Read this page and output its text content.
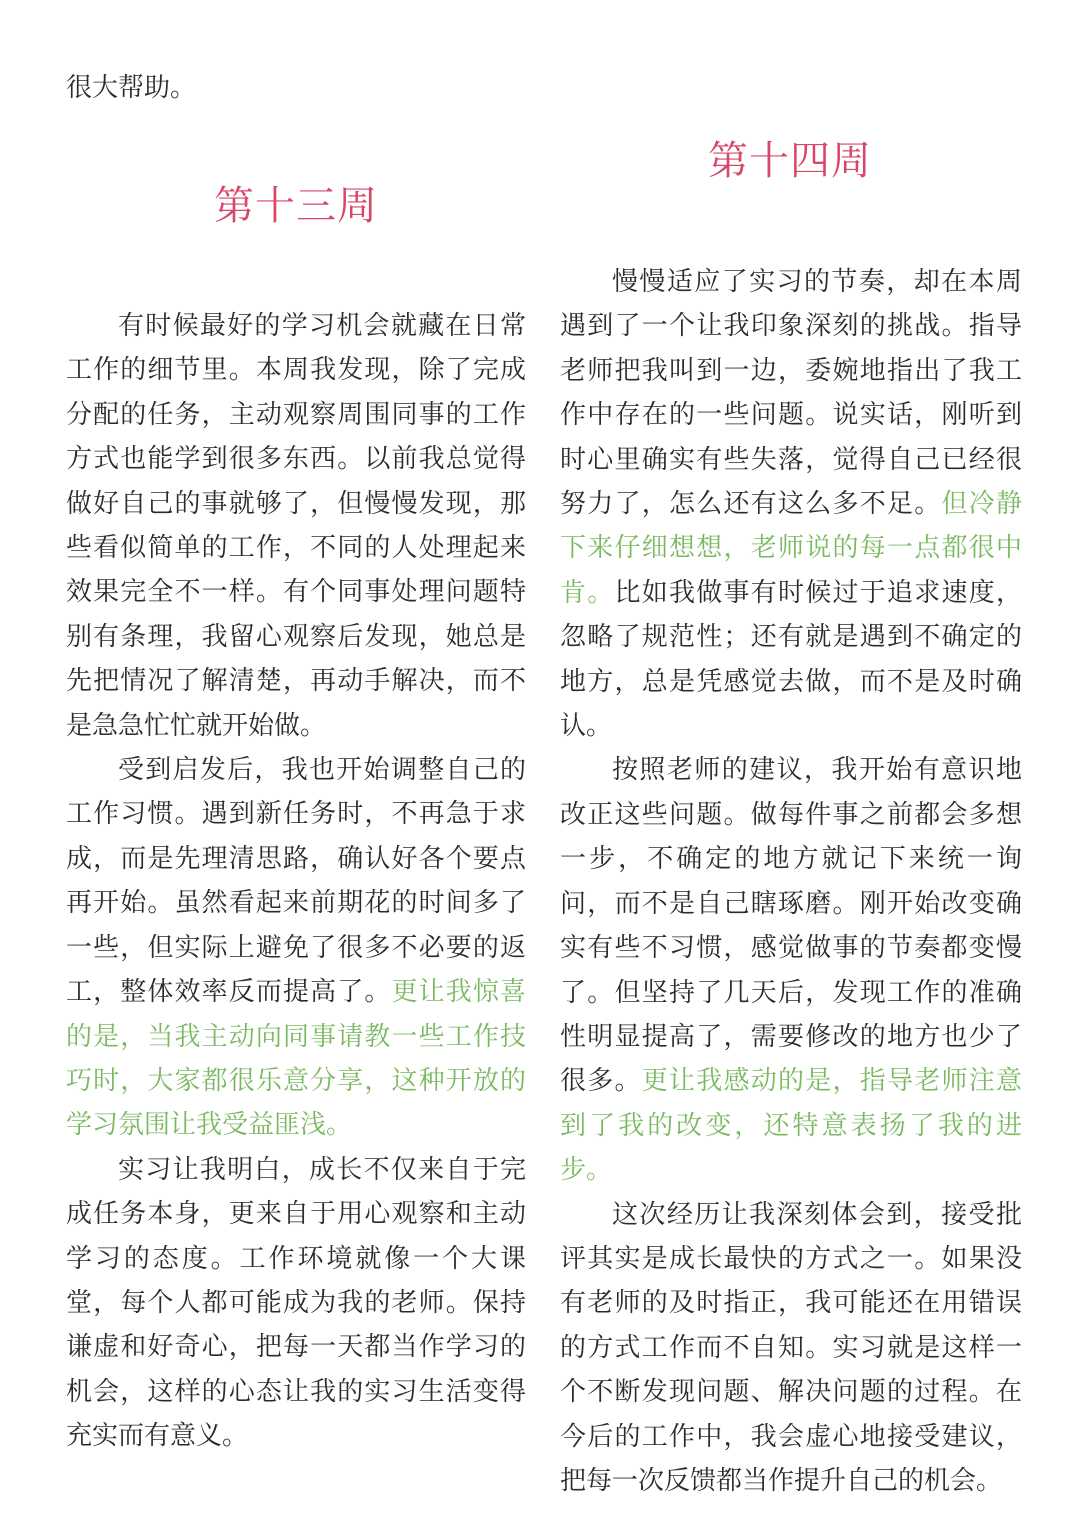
很大帮助。

第十三周
第十四周

有时候最好的学习机会就藏在日常工作的细节里。本周我发现，除了完成分配的任务，主动观察周围同事的工作方式也能学到很多东西。以前我总觉得做好自己的事就够了，但慢慢发现，那些看似简单的工作，不同的人处理起来效果完全不一样。有个同事处理问题特别有条理，我留心观察后发现，她总是先把情况了解清楚，再动手解决，而不是急急忙忙就开始做。

受到启发后，我也开始调整自己的工作习惯。遇到新任务时，不再急于求成，而是先理清思路，确认好各个要点再开始。虽然看起来前期花的时间多了一些，但实际上避免了很多不必要的返工，整体效率反而提高了。更让我惊喜的是，当我主动向同事请教一些工作技巧时，大家都很乐意分享，这种开放的学习氛围让我受益匪浅。

实习让我明白，成长不仅来自于完成任务本身，更来自于用心观察和主动学习的态度。工作环境就像一个大课堂，每个人都可能成为我的老师。保持谦虚和好奇心，把每一天都当作学习的机会，这样的心态让我的实习生活变得充实而有意义。

慢慢适应了实习的节奏，却在本周遇到了一个让我印象深刻的挑战。指导老师把我叫到一边，委婉地指出了我工作中存在的一些问题。说实话，刚听到时心里确实有些失落，觉得自己已经很努力了，怎么还有这么多不足。但冷静下来仔细想想，老师说的每一点都很中肯。比如我做事有时候过于追求速度，忽略了规范性；还有就是遇到不确定的地方，总是凭感觉去做，而不是及时确认。

按照老师的建议，我开始有意识地改正这些问题。做每件事之前都会多想一步，不确定的地方就记下来统一询问，而不是自己瞎琢磨。刚开始改变确实有些不习惯，感觉做事的节奏都变慢了。但坚持了几天后，发现工作的准确性明显提高了，需要修改的地方也少了很多。更让我感动的是，指导老师注意到了我的改变，还特意表扬了我的进步。

这次经历让我深刻体会到，接受批评其实是成长最快的方式之一。如果没有老师的及时指正，我可能还在用错误的方式工作而不自知。实习就是这样一个不断发现问题、解决问题的过程。在今后的工作中，我会虚心地接受建议，把每一次反馈都当作提升自己的机会。
